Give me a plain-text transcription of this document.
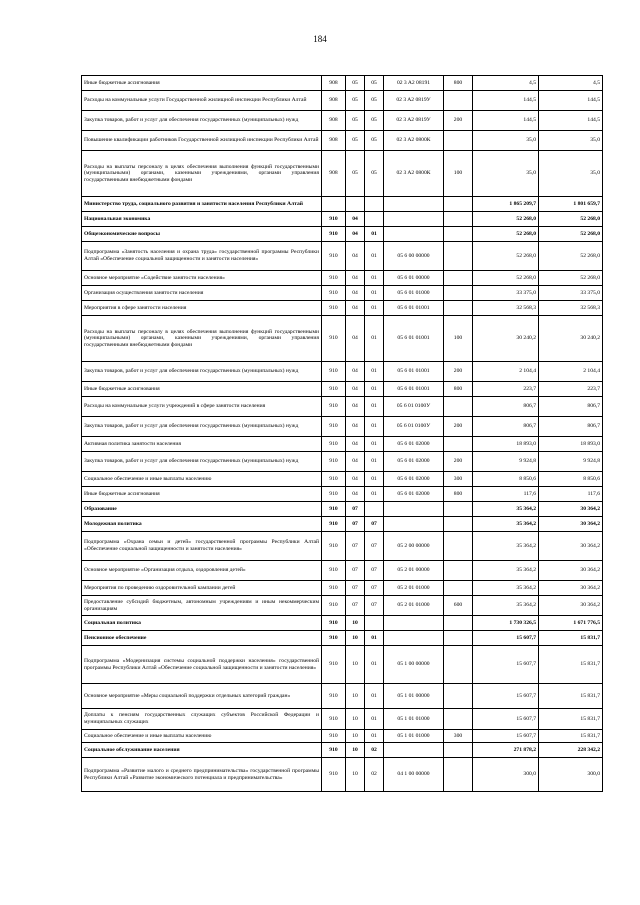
184
Иные бюджетные ассигнования	908	05	05	02 3 A2 08191	800	4,5	4,5
Расходы на коммунальные услуги Государственной жилищной инспекции Республики Алтай	908	05	05	02 3 A2 0819У		144,5	144,5
Закупка товаров, работ и услуг для обеспечения государственных (муниципальных) нужд	908	05	05	02 3 A2 0819У	200	144,5	144,5
Повышение квалификации работников Государственной жилищной инспекции Республики Алтай	908	05	05	02 3 A2 0800К		35,0	35,0
Расходы на выплаты персоналу в целях обеспечения выполнения функций государственными (муниципальными) органами, казенными учреждениями, органами управления государственными внебюджетными фондами	908	05	05	02 3 A2 0800К	100	35,0	35,0
Министерство труда, социального развития и занятости населения Республики Алтай						1 865 209,7	1 801 659,7
Национальная экономика	910	04				52 268,0	52 268,0
Общеэкономические вопросы	910	04	01			52 268,0	52 268,0
Подпрограмма «Занятость населения и охрана труда» государственной программы Республики Алтай «Обеспечение социальной защищенности и занятости населения»	910	04	01	05 6 00 00000		52 268,0	52 268,0
Основное мероприятие «Содействие занятости населения»	910	04	01	05 6 01 00000		52 268,0	52 268,0
Организация осуществления занятости населения	910	04	01	05 6 01 01000		33 375,0	33 375,0
Мероприятия в сфере занятости населения	910	04	01	05 6 01 01001		32 568,3	32 568,3
Расходы на выплаты персоналу в целях обеспечения выполнения функций государственными (муниципальными) органами, казенными учреждениями, органами управления государственными внебюджетными фондами	910	04	01	05 6 01 01001	100	30 240,2	30 240,2
Закупка товаров, работ и услуг для обеспечения государственных (муниципальных) нужд	910	04	01	05 6 01 01001	200	2 104,4	2 104,4
Иные бюджетные ассигнования	910	04	01	05 6 01 01001	800	223,7	223,7
Расходы на коммунальные услуги учреждений в сфере занятости населения	910	04	01	05 6 01 0100У		806,7	806,7
Закупка товаров, работ и услуг для обеспечения государственных (муниципальных) нужд	910	04	01	05 6 01 0100У	200	806,7	806,7
Активная политика занятости населения	910	04	01	05 6 01 02000		18 893,0	18 893,0
Закупка товаров, работ и услуг для обеспечения государственных (муниципальных) нужд	910	04	01	05 6 01 02000	200	9 924,8	9 924,8
Социальное обеспечение и иные выплаты населению	910	04	01	05 6 01 02000	300	8 850,6	8 850,6
Иные бюджетные ассигнования	910	04	01	05 6 01 02000	800	117,6	117,6
Образование	910	07				35 364,2	30 364,2
Молодежная политика	910	07	07			35 364,2	30 364,2
Подпрограмма «Охрана семьи и детей» государственной программы Республики Алтай «Обеспечение социальной защищенности и занятости населения»	910	07	07	05 2 00 00000		35 364,2	30 364,2
Основное мероприятие «Организация отдыха, оздоровления детей»	910	07	07	05 2 01 00000		35 364,2	30 364,2
Мероприятия по проведению оздоровительной кампании детей	910	07	07	05 2 01 01000		35 364,2	30 364,2
Предоставление субсидий бюджетным, автономным учреждениям и иным некоммерческим организациям	910	07	07	05 2 01 01000	600	35 364,2	30 364,2
Социальная политика	910	10				1 730 326,5	1 671 776,5
Пенсионное обеспечение	910	10	01			15 607,7	15 831,7
Подпрограмма «Модернизация системы социальной поддержки населения» государственной программы Республики Алтай «Обеспечение социальной защищенности и занятости населения»	910	10	01	05 1 00 00000		15 607,7	15 831,7
Основное мероприятие «Меры социальной поддержки отдельных категорий граждан»	910	10	01	05 1 01 00000		15 607,7	15 831,7
Доплаты к пенсиям государственных служащих субъектов Российской Федерации и муниципальных служащих	910	10	01	05 1 01 01000		15 607,7	15 831,7
Социальное обеспечение и иные выплаты населению	910	10	01	05 1 01 01000	300	15 607,7	15 831,7
Социальное обслуживание населения	910	10	02			271 878,2	228 342,2
Подпрограмма «Развитие малого и среднего предпринимательства» государственной программы Республики Алтай «Развитие экономического потенциала и предпринимательства»	910	10	02	04 1 00 00000		300,0	300,0
